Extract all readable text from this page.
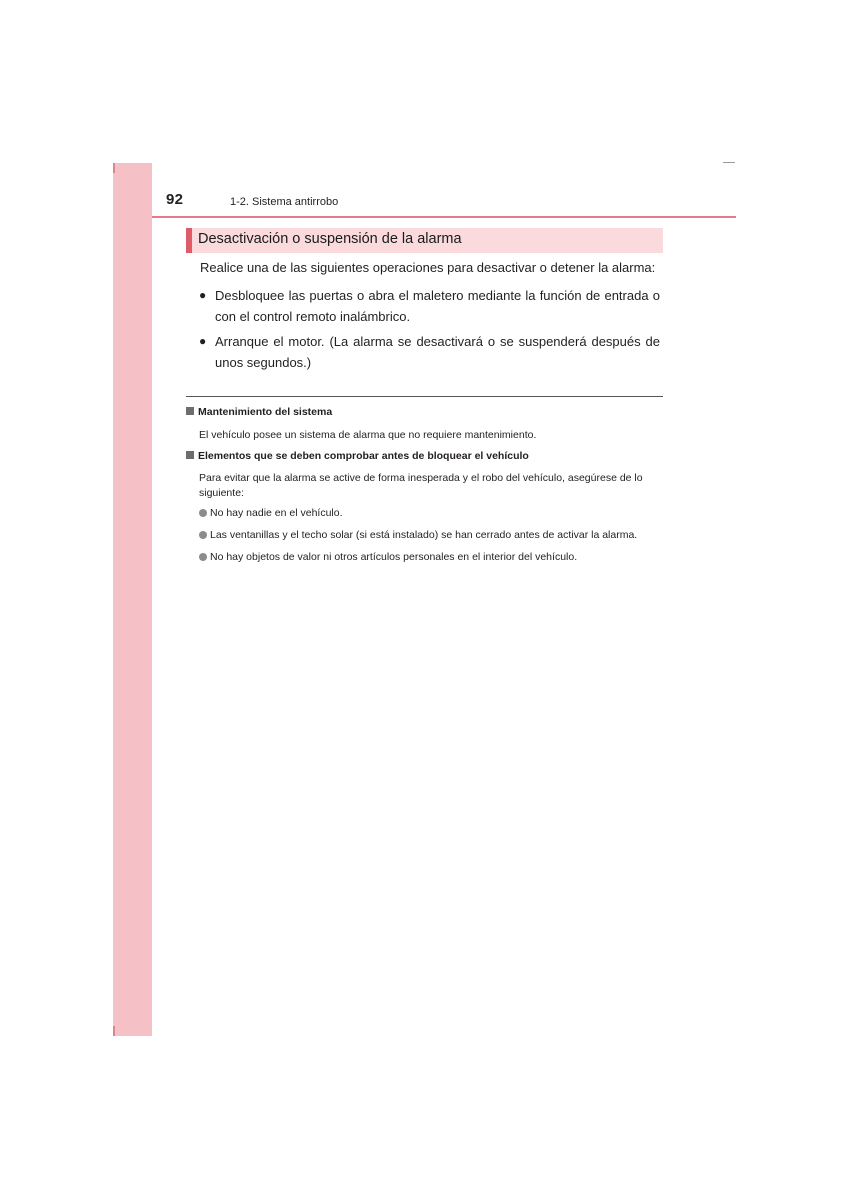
92	1-2. Sistema antirrobo
Desactivación o suspensión de la alarma
Realice una de las siguientes operaciones para desactivar o detener la alarma:
● Desbloquee las puertas o abra el maletero mediante la función de entrada o con el control remoto inalámbrico.
● Arranque el motor. (La alarma se desactivará o se suspenderá después de unos segundos.)
Mantenimiento del sistema
El vehículo posee un sistema de alarma que no requiere mantenimiento.
Elementos que se deben comprobar antes de bloquear el vehículo
Para evitar que la alarma se active de forma inesperada y el robo del vehículo, asegúrese de lo siguiente:
No hay nadie en el vehículo.
Las ventanillas y el techo solar (si está instalado) se han cerrado antes de activar la alarma.
No hay objetos de valor ni otros artículos personales en el interior del vehículo.
